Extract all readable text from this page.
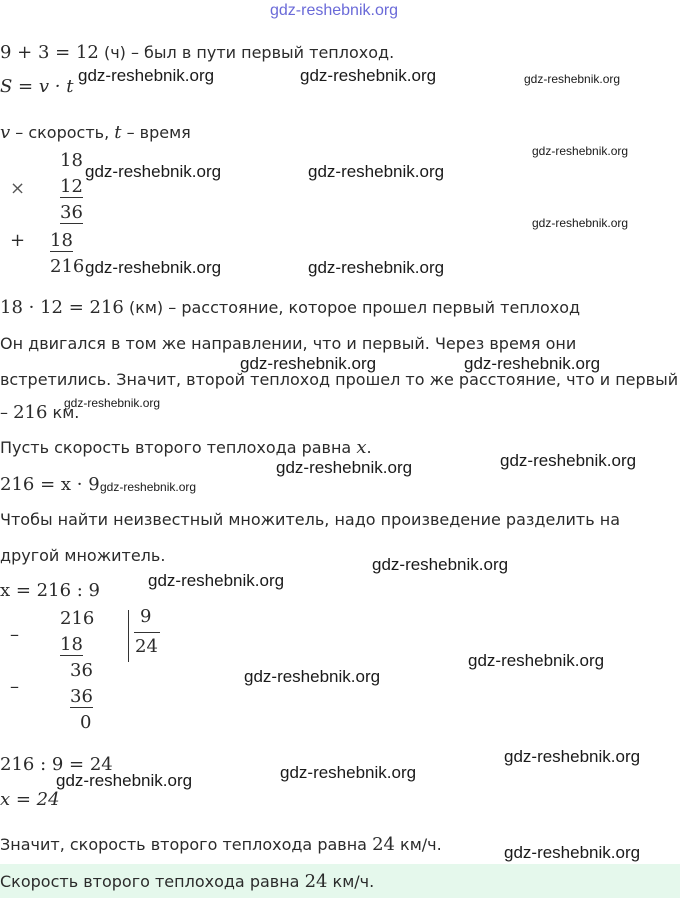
gdz-reshebnik.org
9 + 3 = 12 (ч) – был в пути первый теплоход.
S = v · t
v – скорость, t – время
18
× 12
36
+ 18
216
18 · 12 = 216 (км) – расстояние, которое прошел первый теплоход
Он двигался в том же направлении, что и первый. Через время они
встретились. Значит, второй теплоход прошел то же расстояние, что и первый
– 216 км.
Пусть скорость второго теплохода равна x.
216 = x · 9
Чтобы найти неизвестный множитель, надо произведение разделить на
другой множитель.
x = 216 : 9
–
216
18
9
24
–
36
36
0
216 : 9 = 24
x = 24
Значит, скорость второго теплохода равна 24 км/ч.
Скорость второго теплохода равна 24 км/ч.
gdz-reshebnik.org	gdz-reshebnik.org	gdz-reshebnik.org
gdz-reshebnik.org
gdz-reshebnik.org	gdz-reshebnik.org
gdz-reshebnik.org
gdz-reshebnik.org	gdz-reshebnik.org
gdz-reshebnik.org	gdz-reshebnik.org
gdz-reshebnik.org
gdz-reshebnik.org
gdz-reshebnik.org
gdz-reshebnik.org
gdz-reshebnik.org
gdz-reshebnik.org
gdz-reshebnik.org
gdz-reshebnik.org
gdz-reshebnik.org
gdz-reshebnik.org
gdz-reshebnik.org
gdz-reshebnik.org
